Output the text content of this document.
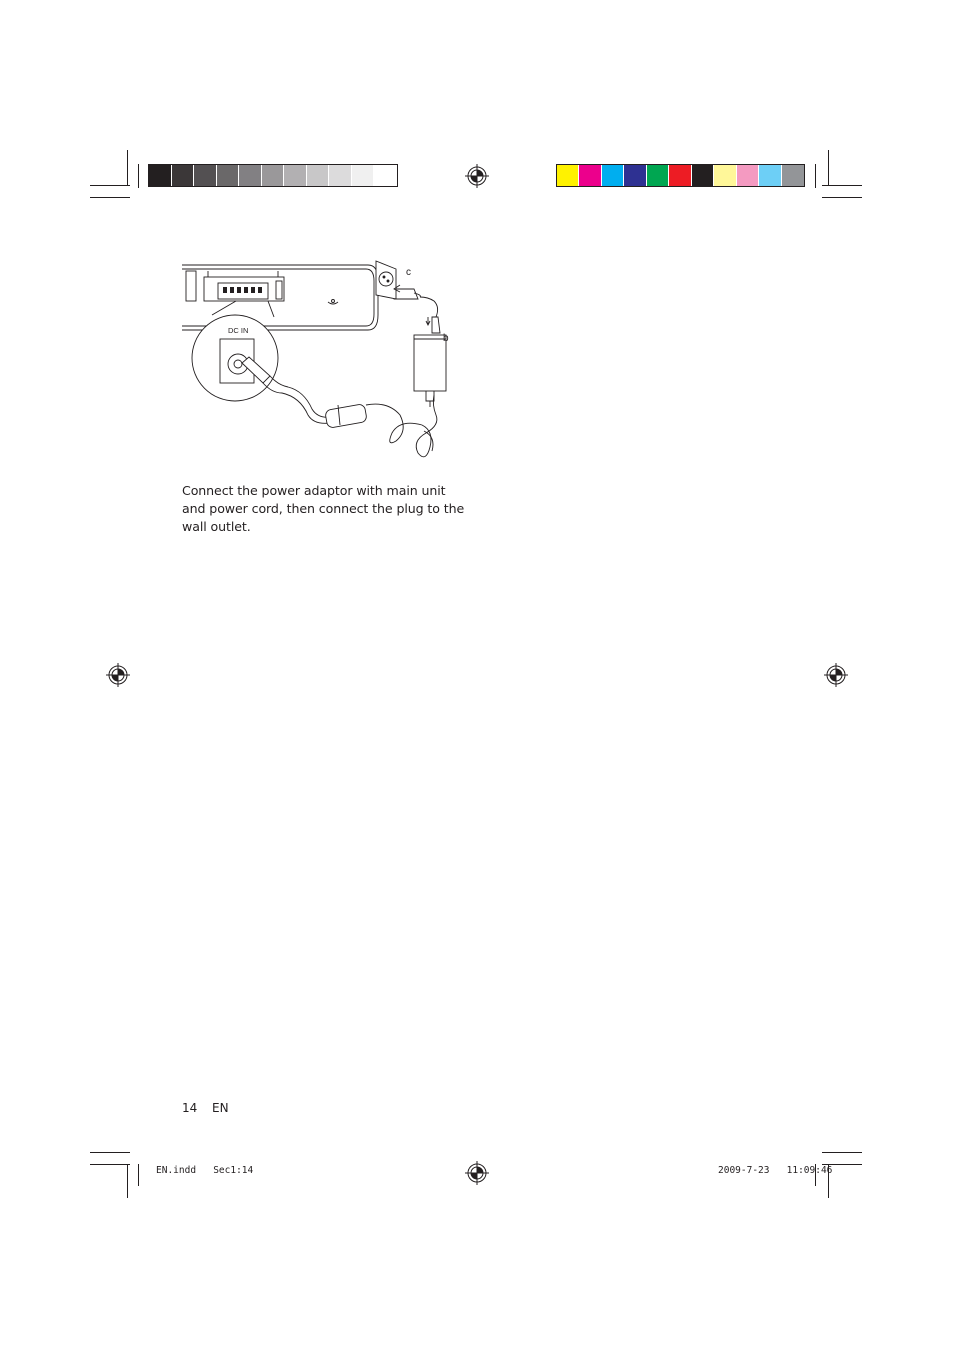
DC IN
c
b
Connect the power adaptor with main unit and power cord, then connect the plug to the wall outlet.
14 EN
EN.indd   Sec1:14	2009-7-23   11:09:46
